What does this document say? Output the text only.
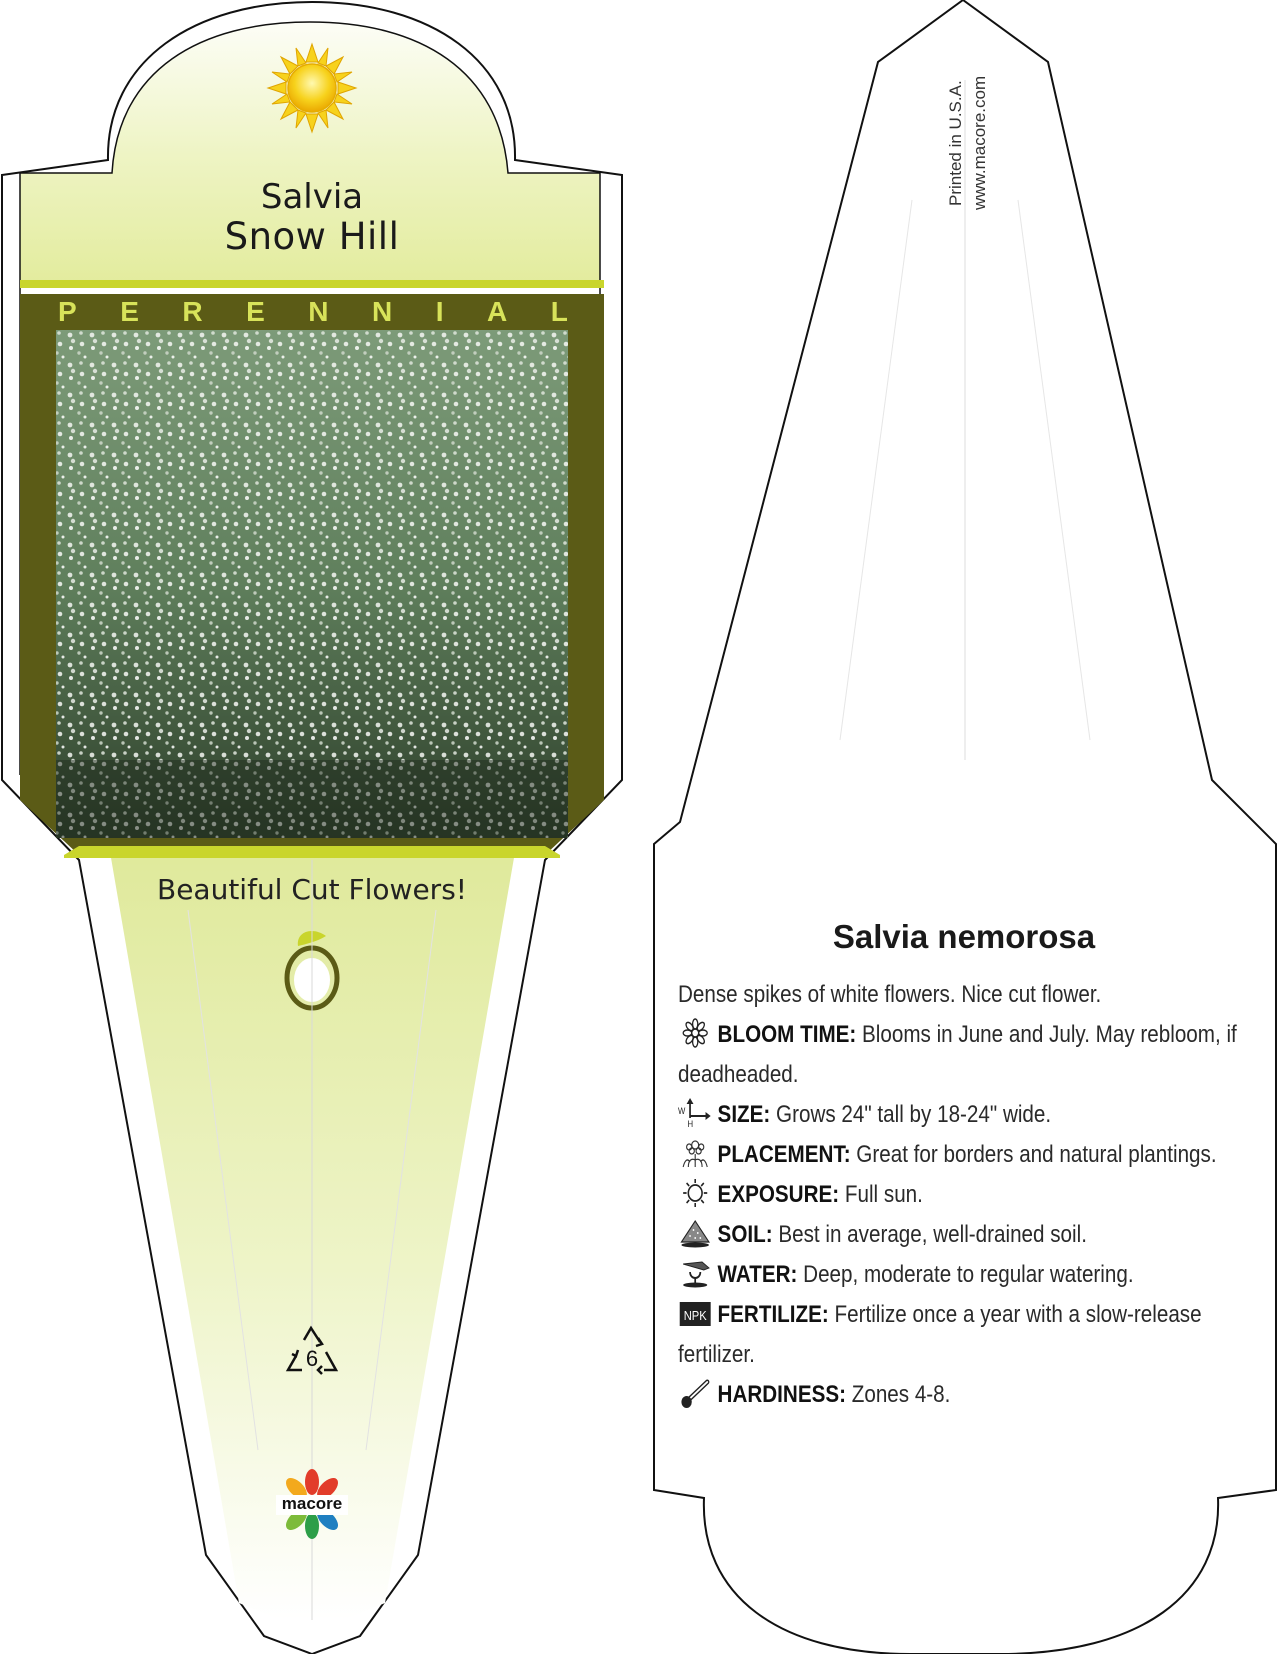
Salvia
Snow Hill
P E R E N N I A L
Beautiful Cut Flowers!
6
macore
Printed in U.S.A. www.macore.com
Salvia nemorosa

Dense spikes of white flowers. Nice cut flower.

BLOOM TIME: Blooms in June and July. May rebloom, if deadheaded.

W
H SIZE: Grows 24" tall by 18-24" wide.

PLACEMENT: Great for borders and natural plantings.

EXPOSURE: Full sun.

SOIL: Best in average, well-drained soil.

WATER: Deep, moderate to regular watering.

NPK FERTILIZE: Fertilize once a year with a slow-release fertilizer.

HARDINESS: Zones 4-8.
